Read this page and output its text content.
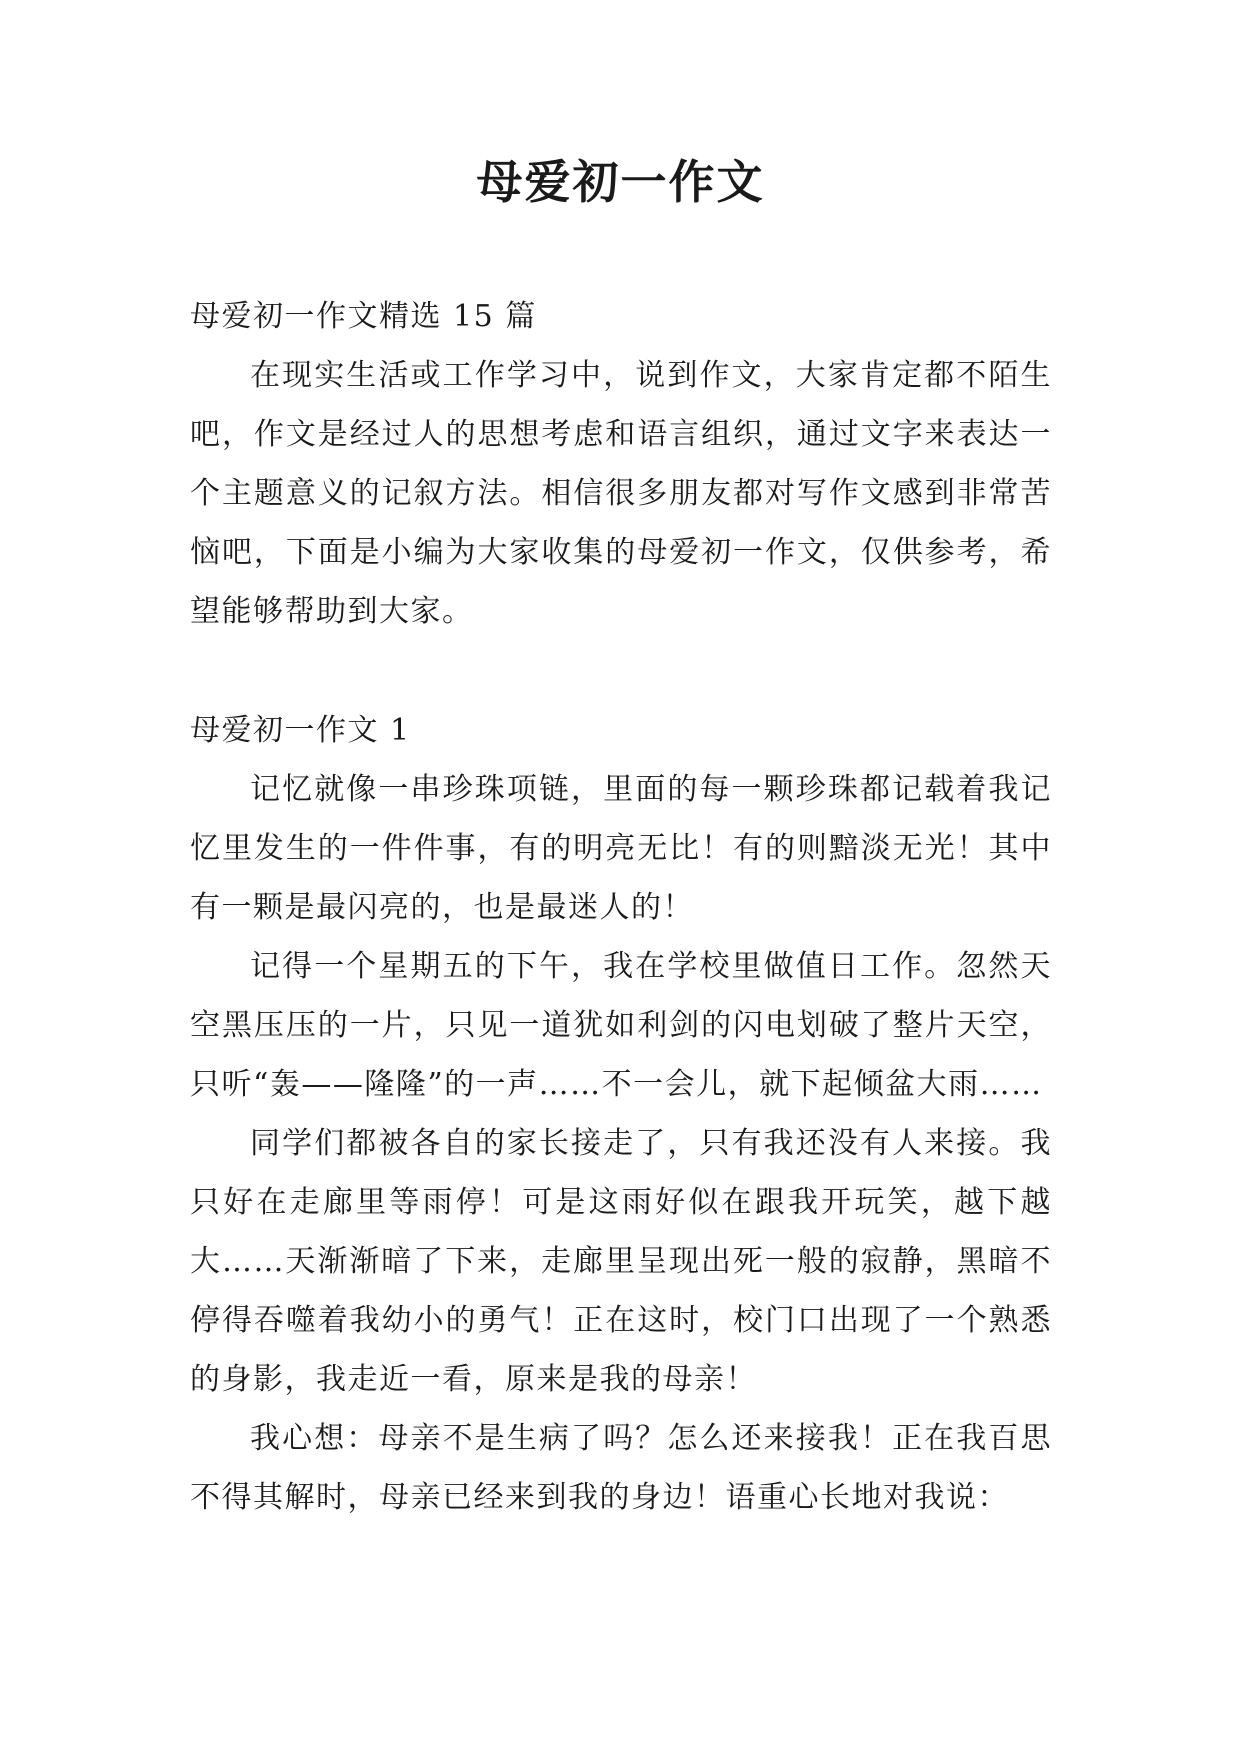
母爱初一作文

母爱初一作文精选 15 篇

在现实生活或工作学习中，说到作文，大家肯定都不陌生吧，作文是经过人的思想考虑和语言组织，通过文字来表达一个主题意义的记叙方法。相信很多朋友都对写作文感到非常苦恼吧，下面是小编为大家收集的母爱初一作文，仅供参考，希望能够帮助到大家。

母爱初一作文 1

记忆就像一串珍珠项链，里面的每一颗珍珠都记载着我记忆里发生的一件件事，有的明亮无比！有的则黯淡无光！其中有一颗是最闪亮的，也是最迷人的！

记得一个星期五的下午，我在学校里做值日工作。忽然天空黑压压的一片，只见一道犹如利剑的闪电划破了整片天空，只听“轰——隆隆”的一声……不一会儿，就下起倾盆大雨……

同学们都被各自的家长接走了，只有我还没有人来接。我只好在走廊里等雨停！可是这雨好似在跟我开玩笑，越下越大……天渐渐暗了下来，走廊里呈现出死一般的寂静，黑暗不停得吞噬着我幼小的勇气！正在这时，校门口出现了一个熟悉的身影，我走近一看，原来是我的母亲！

我心想：母亲不是生病了吗？怎么还来接我！正在我百思不得其解时，母亲已经来到我的身边！语重心长地对我说：
